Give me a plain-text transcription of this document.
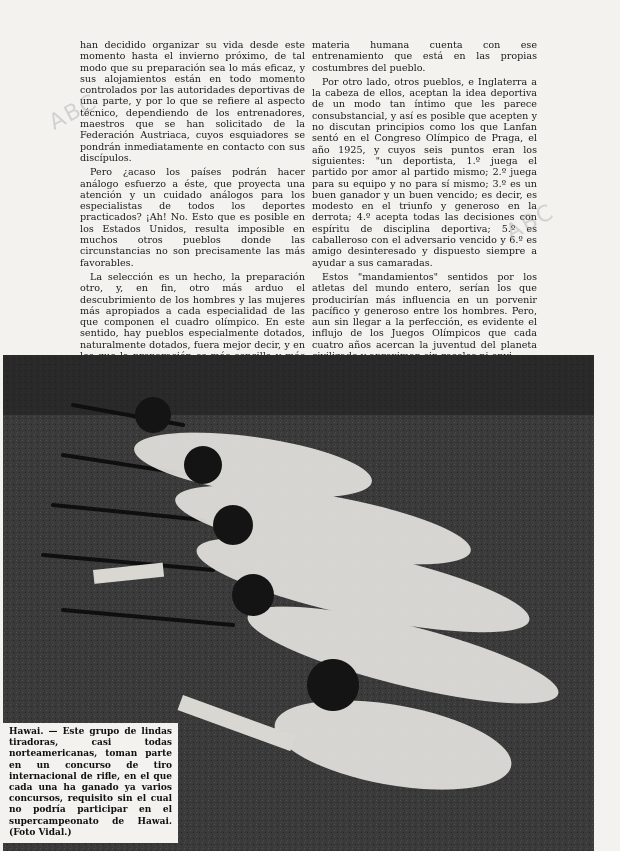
han decidido organizar su vida desde este momento hasta el invierno próximo, de tal modo que su preparación sea lo más eficaz, y sus alojamientos están en todo momento controlados por las autoridades deportivas de una parte, y por lo que se refiere al aspecto técnico, dependiendo de los entrenadores, maestros que se han solicitado de la Federación Austriaca, cuyos esquiadores se pondrán inmediatamente en contacto con sus discípulos.

Pero ¿acaso los países podrán hacer análogo esfuerzo a éste, que proyecta una atención y un cuidado análogos para los especialistas de todos los deportes practicados? ¡Ah! No. Esto que es posible en los Estados Unidos, resulta imposible en muchos otros pueblos donde las circunstancias no son precisamente las más favorables.

La selección es un hecho, la preparación otro, y, en fin, otro más arduo el descubrimiento de los hombres y las mujeres más apropiados a cada especialidad de las que componen el cuadro olímpico. En este sentido, hay pueblos especialmente dotados, naturalmente dotados, fuera mejor decir, y en

materia humana cuenta con ese entrenamiento que está en las propias costumbres del pueblo.

Por otro lado, otros pueblos, e Inglaterra a la cabeza de ellos, aceptan la idea deportiva de un modo tan íntimo que les parece consubstancial, y así es posible que acepten y no discutan principios como los que Lanfan sentó en el Congreso Olímpico de Praga, el año 1925, y cuyos seis puntos eran los siguientes: "un deportista, 1.º juega el partido por amor al partido mismo; 2.º juega para su equipo y no para sí mismo; 3.º es un buen ganador y un buen vencido; es decir, es modesto en el triunfo y generoso en la derrota; 4.º acepta todas las decisiones con espíritu de disciplina deportiva; 5.º es caballeroso con el adversario vencido y 6.º es amigo desinteresado y dispuesto siempre a ayudar a sus camaradas.

Estos "mandamientos" sentidos por los atletas del mundo entero, serían los que producirían más influencia en un porvenir pacífico y generoso entre los hombres. Pero, aun sin llegar a la perfección, es evidente el influjo de los Juegos Olímpicos que cada cuatro años acercan la juventud del planeta

Hawai. — Este grupo de lindas tiradoras, casi todas norteamericanas, toman parte en un concurso de tiro internacional de rifle, en el que cada una ha ganado ya varios concursos, requisito sin el cual no podría participar en el supercampeonato de Hawai. (Foto Vidal.)
ABC
ABC
